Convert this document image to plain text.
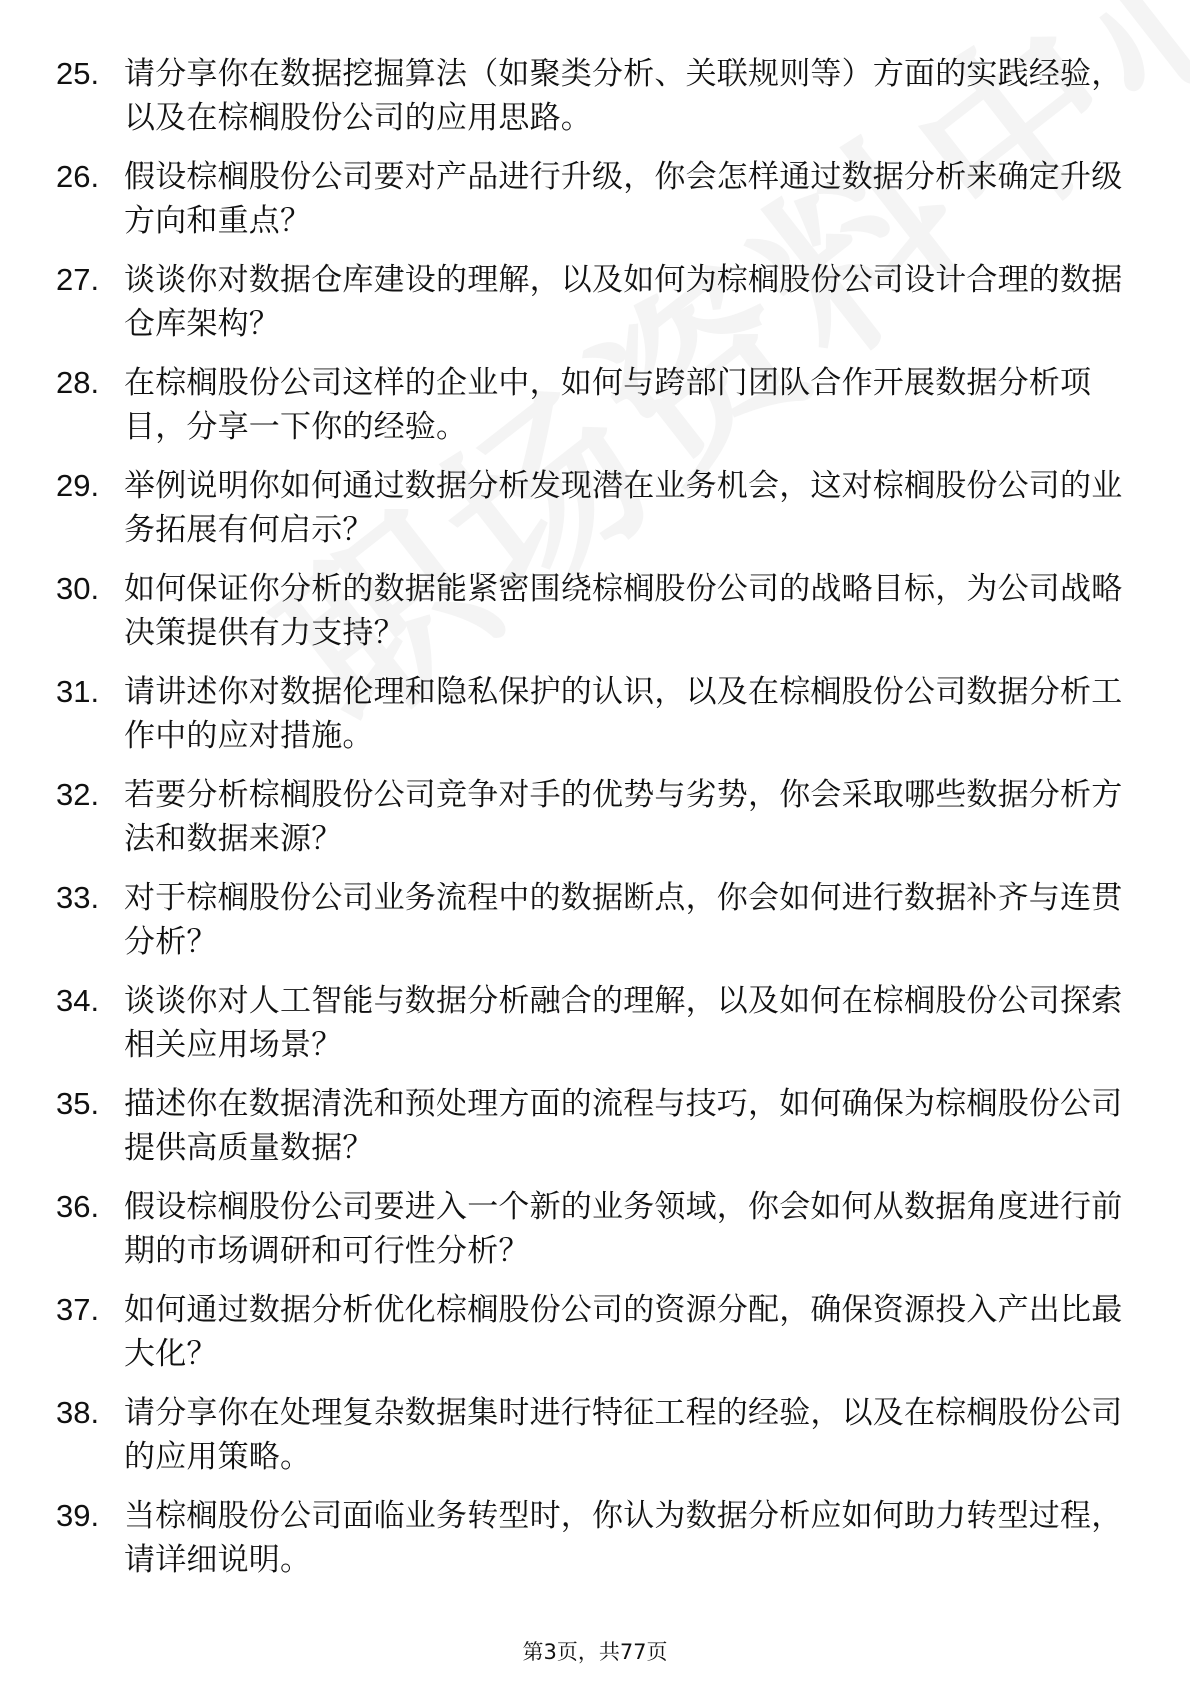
25. 请分享你在数据挖掘算法（如聚类分析、关联规则等）方面的实践经验，以及在棕榈股份公司的应用思路。
26. 假设棕榈股份公司要对产品进行升级，你会怎样通过数据分析来确定升级方向和重点？
27. 谈谈你对数据仓库建设的理解，以及如何为棕榈股份公司设计合理的数据仓库架构？
28. 在棕榈股份公司这样的企业中，如何与跨部门团队合作开展数据分析项目，分享一下你的经验。
29. 举例说明你如何通过数据分析发现潜在业务机会，这对棕榈股份公司的业务拓展有何启示？
30. 如何保证你分析的数据能紧密围绕棕榈股份公司的战略目标，为公司战略决策提供有力支持？
31. 请讲述你对数据伦理和隐私保护的认识，以及在棕榈股份公司数据分析工作中的应对措施。
32. 若要分析棕榈股份公司竞争对手的优势与劣势，你会采取哪些数据分析方法和数据来源？
33. 对于棕榈股份公司业务流程中的数据断点，你会如何进行数据补齐与连贯分析？
34. 谈谈你对人工智能与数据分析融合的理解，以及如何在棕榈股份公司探索相关应用场景？
35. 描述你在数据清洗和预处理方面的流程与技巧，如何确保为棕榈股份公司提供高质量数据？
36. 假设棕榈股份公司要进入一个新的业务领域，你会如何从数据角度进行前期的市场调研和可行性分析？
37. 如何通过数据分析优化棕榈股份公司的资源分配，确保资源投入产出比最大化？
38. 请分享你在处理复杂数据集时进行特征工程的经验，以及在棕榈股份公司的应用策略。
39. 当棕榈股份公司面临业务转型时，你认为数据分析应如何助力转型过程，请详细说明。
第3页，共77页
